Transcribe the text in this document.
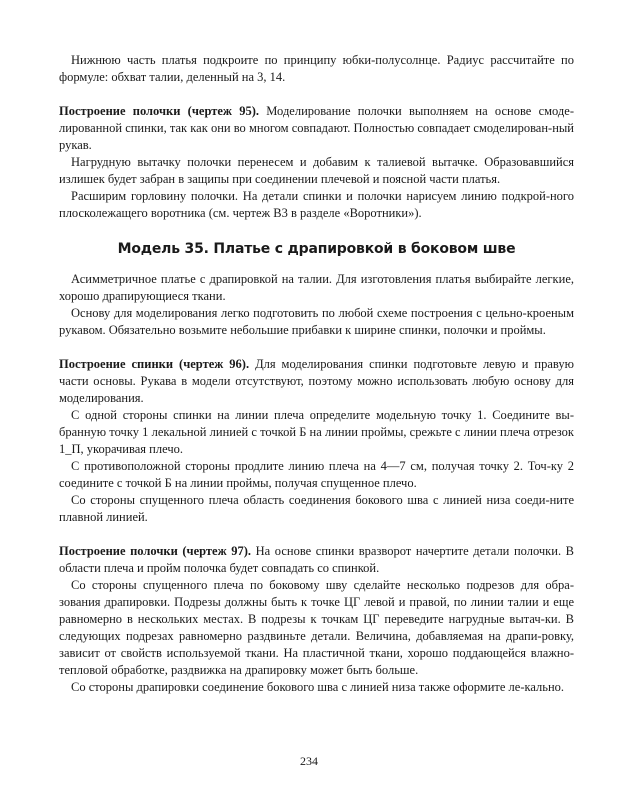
Нижнюю часть платья подкроите по принципу юбки-полусолнце. Радиус рассчитайте по формуле: обхват талии, деленный на 3, 14.

Построение полочки (чертеж 95). Моделирование полочки выполняем на основе смоде-лированной спинки, так как они во многом совпадают. Полностью совпадает смоделирован-ный рукав.

Нагрудную вытачку полочки перенесем и добавим к талиевой вытачке. Образовавшийся излишек будет забран в защипы при соединении плечевой и поясной части платья.

Расширим горловину полочки. На детали спинки и полочки нарисуем линию подкрой-ного плосколежащего воротника (см. чертеж В3 в разделе «Воротники»).

Модель 35. Платье с драпировкой в боковом шве

Асимметричное платье с драпировкой на талии. Для изготовления платья выбирайте легкие, хорошо драпирующиеся ткани.

Основу для моделирования легко подготовить по любой схеме построения с цельно-кроеным рукавом. Обязательно возьмите небольшие прибавки к ширине спинки, полочки и проймы.

Построение спинки (чертеж 96). Для моделирования спинки подготовьте левую и правую части основы. Рукава в модели отсутствуют, поэтому можно использовать любую основу для моделирования.

С одной стороны спинки на линии плеча определите модельную точку 1. Соедините вы-бранную точку 1 лекальной линией с точкой Б на линии проймы, срежьте с линии плеча отрезок 1_П, укорачивая плечо.

С противоположной стороны продлите линию плеча на 4—7 см, получая точку 2. Точ-ку 2 соедините с точкой Б на линии проймы, получая спущенное плечо.

Со стороны спущенного плеча область соединения бокового шва с линией низа соеди-ните плавной линией.

Построение полочки (чертеж 97). На основе спинки вразворот начертите детали полочки. В области плеча и пройм полочка будет совпадать со спинкой.

Со стороны спущенного плеча по боковому шву сделайте несколько подрезов для обра-зования драпировки. Подрезы должны быть к точке ЦГ левой и правой, по линии талии и еще равномерно в нескольких местах. В подрезы к точкам ЦГ переведите нагрудные вытач-ки. В следующих подрезах равномерно раздвиньте детали. Величина, добавляемая на драпи-ровку, зависит от свойств используемой ткани. На пластичной ткани, хорошо поддающейся влажно-тепловой обработке, раздвижка на драпировку может быть больше.

Со стороны драпировки соединение бокового шва с линией низа также оформите ле-кально.

234
